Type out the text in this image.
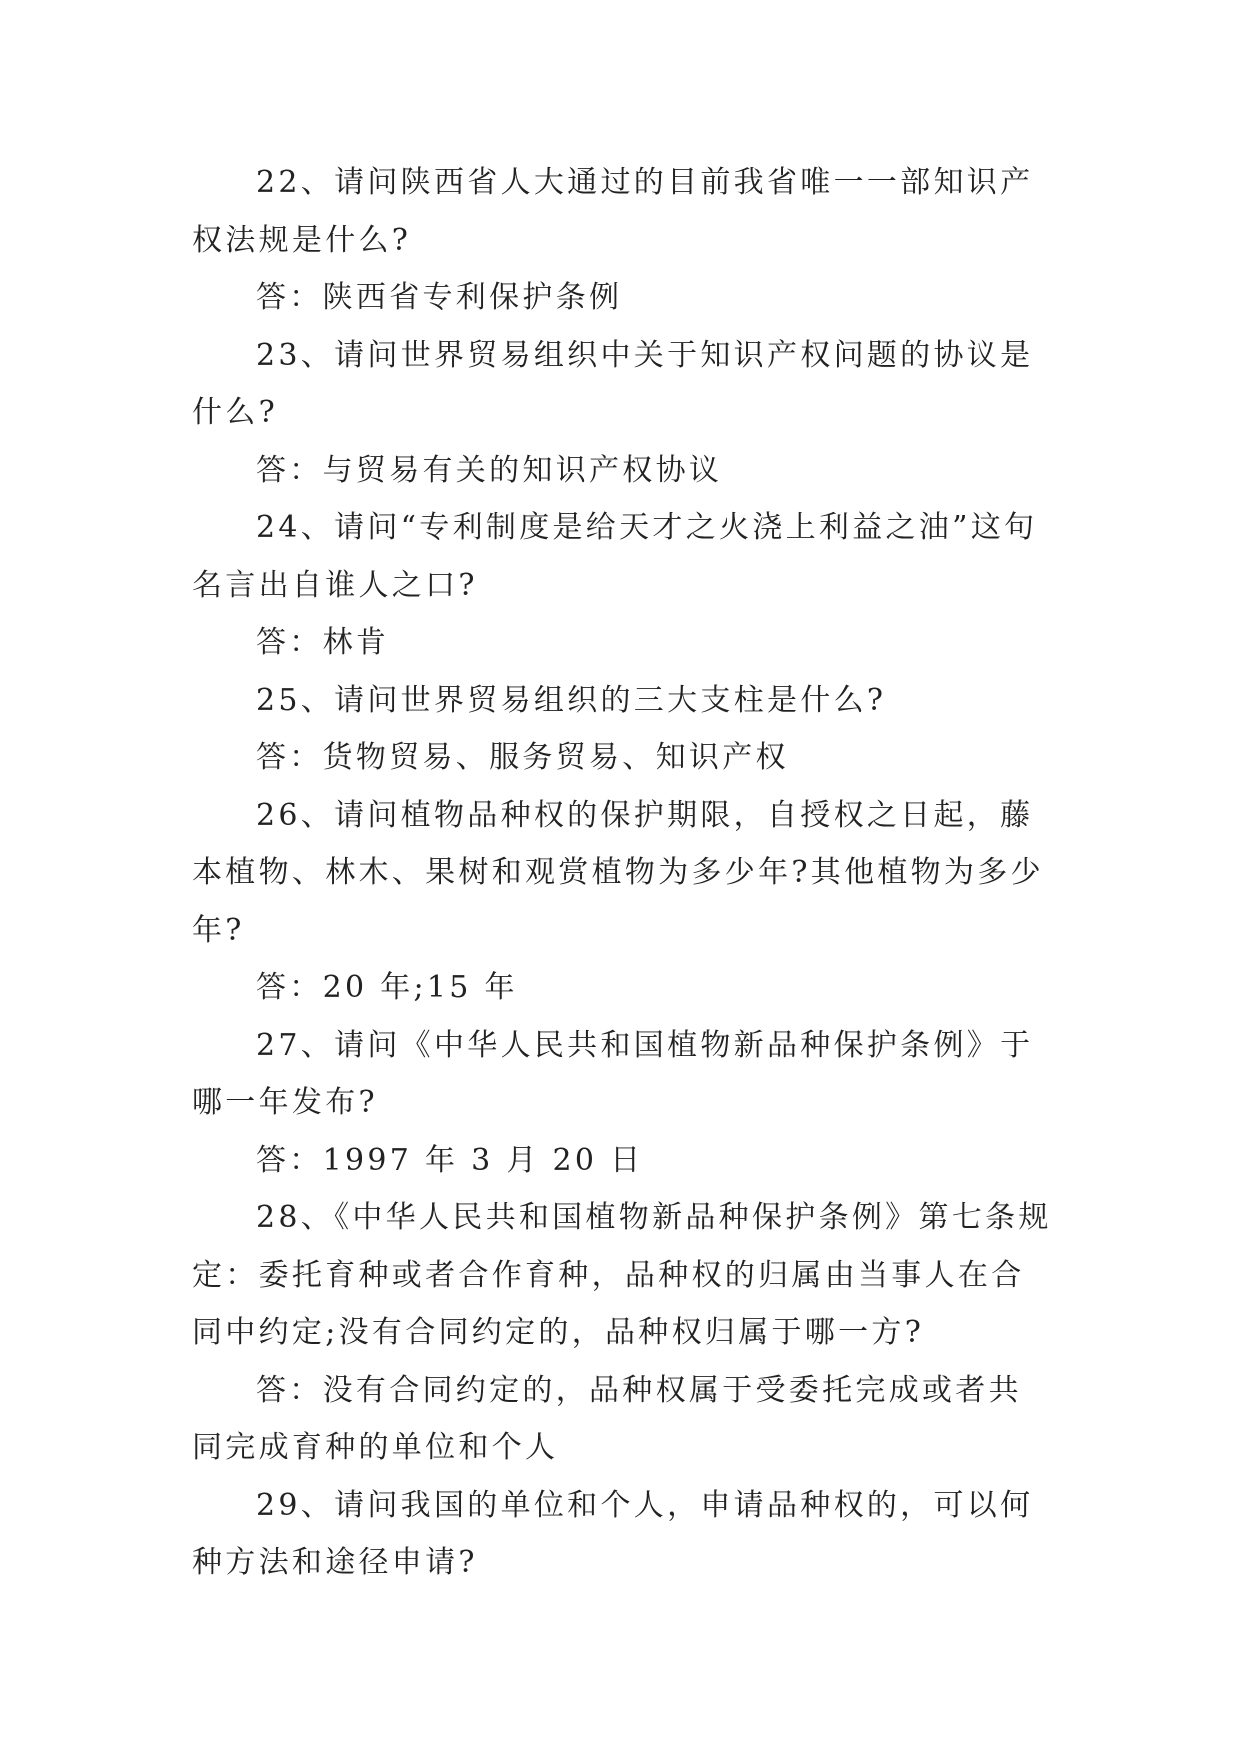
22、请问陕西省人大通过的目前我省唯一一部知识产权法规是什么?

答：陕西省专利保护条例

23、请问世界贸易组织中关于知识产权问题的协议是什么?

答：与贸易有关的知识产权协议

24、请问“专利制度是给天才之火浇上利益之油”这句名言出自谁人之口?

答：林肯

25、请问世界贸易组织的三大支柱是什么?

答：货物贸易、服务贸易、知识产权

26、请问植物品种权的保护期限，自授权之日起，藤本植物、林木、果树和观赏植物为多少年?其他植物为多少年?

答：20 年;15 年

27、请问《中华人民共和国植物新品种保护条例》于哪一年发布?

答：1997 年 3 月 20 日

28、《中华人民共和国植物新品种保护条例》第七条规定：委托育种或者合作育种，品种权的归属由当事人在合同中约定;没有合同约定的，品种权归属于哪一方?

答：没有合同约定的，品种权属于受委托完成或者共同完成育种的单位和个人

29、请问我国的单位和个人，申请品种权的，可以何种方法和途径申请?
